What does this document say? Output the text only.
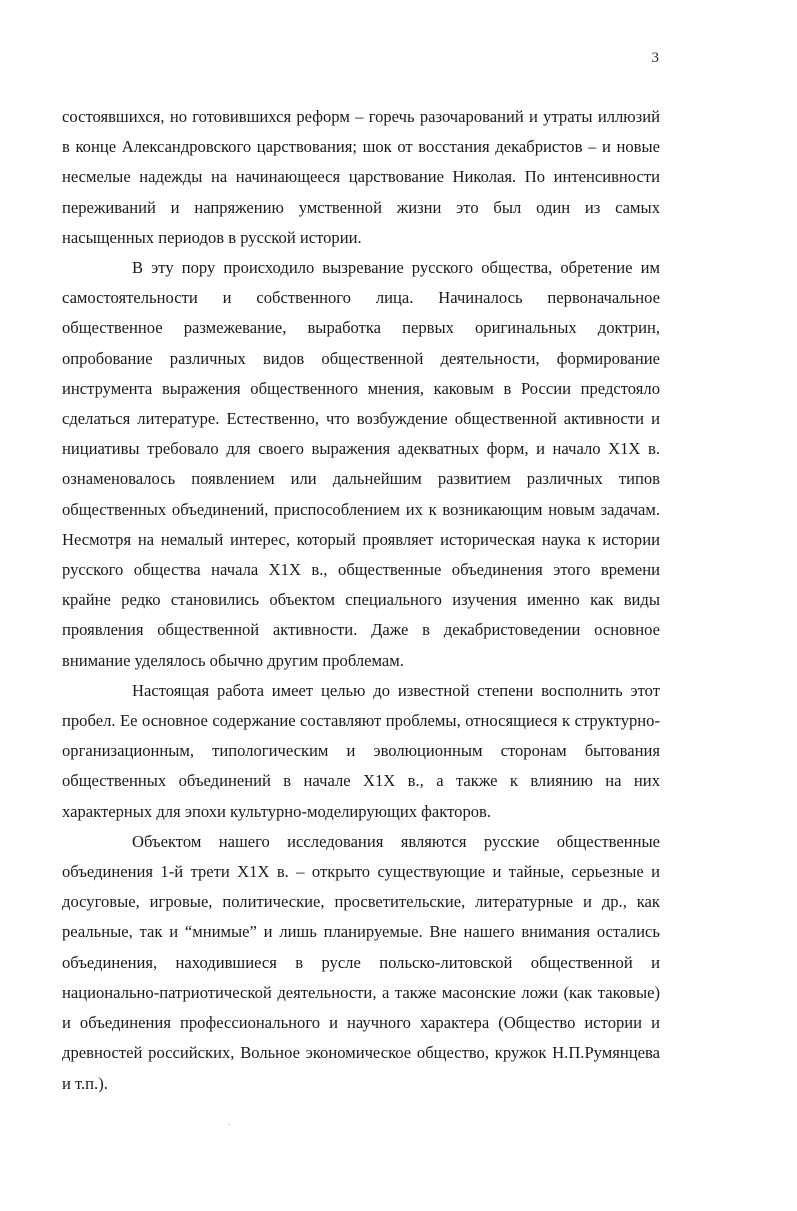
3

состоявшихся, но готовившихся реформ – горечь разочарований и утраты иллюзий в конце Александровского царствования; шок от восстания декабристов – и новые несмелые надежды на начинающееся царствование Николая. По интенсивности переживаний и напряжению умственной жизни это был один из самых насыщенных периодов в русской истории.

В эту пору происходило вызревание русского общества, обретение им самостоятельности и собственного лица. Начиналось первоначальное общественное размежевание, выработка первых оригинальных доктрин, опробование различных видов общественной деятельности, формирование инструмента выражения общественного мнения, каковым в России предстояло сделаться литературе. Естественно, что возбуждение общественной активности и нициативы требовало для своего выражения адекватных форм, и начало X1X в. ознаменовалось появлением или дальнейшим развитием различных типов общественных объединений, приспособлением их к возникающим новым задачам. Несмотря на немалый интерес, который проявляет историческая наука к истории русского общества начала X1X в., общественные объединения этого времени крайне редко становились объектом специального изучения именно как виды проявления общественной активности. Даже в декабристоведении основное внимание уделялось обычно другим проблемам.

Настоящая работа имеет целью до известной степени восполнить этот пробел. Ее основное содержание составляют проблемы, относящиеся к структурно-организационным, типологическим и эволюционным сторонам бытования общественных объединений в начале X1X в., а также к влиянию на них характерных для эпохи культурно-моделирующих факторов.

Объектом нашего исследования являются русские общественные объединения 1-й трети X1X в. – открыто существующие и тайные, серьезные и досуговые, игровые, политические, просветительские, литературные и др., как реальные, так и “мнимые” и лишь планируемые. Вне нашего внимания остались объединения, находившиеся в русле польско-литовской общественной и национально-патриотической деятельности, а также масонские ложи (как таковые) и объединения профессионального и научного характера (Общество истории и древностей российских, Вольное экономическое общество, кружок Н.П.Румянцева и т.п.).
